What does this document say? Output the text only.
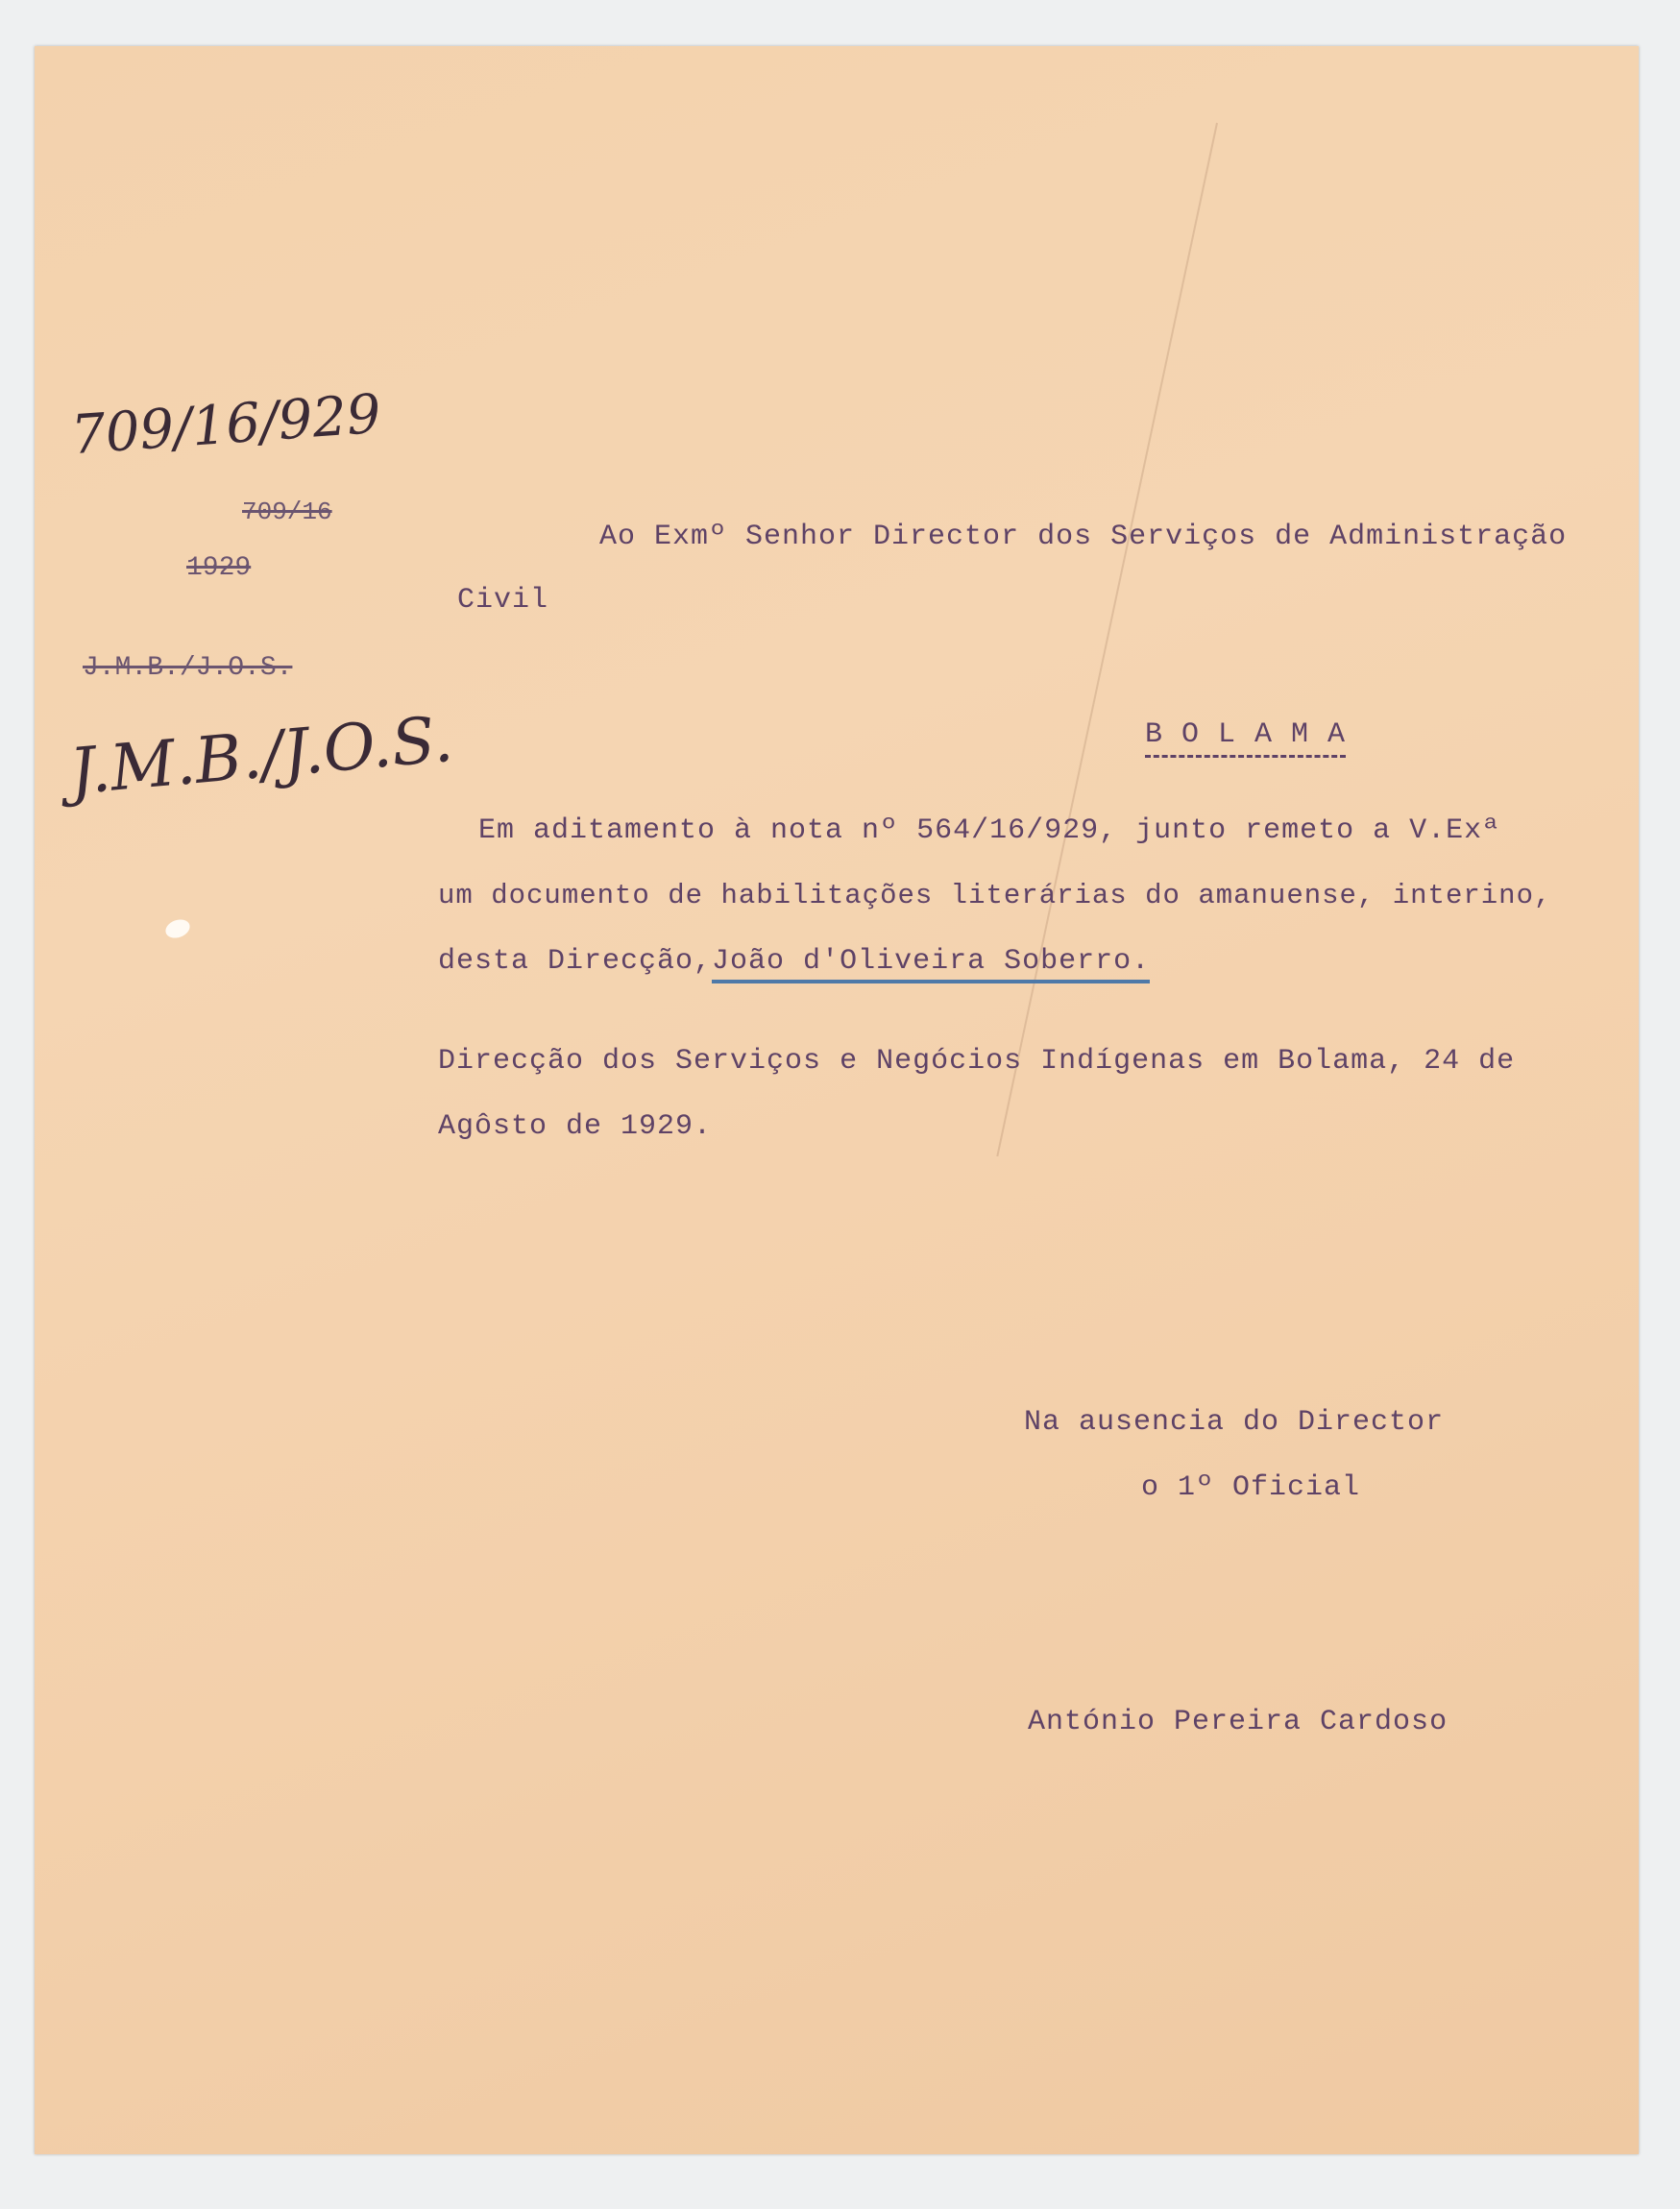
709/16/929
709/16
1929
J.M.B./J.O.S.
J.M.B./J.O.S.

Ao Exmº Senhor Director dos Serviços de Administração

Civil

B O L A M A

Em aditamento à nota nº 564/16/929, junto remeto a V.Exª

um documento de habilitações literárias do amanuense, interino,

desta Direcção,João d'Oliveira Soberro.

Direcção dos Serviços e Negócios Indígenas em Bolama, 24 de

Agôsto de 1929.

Na ausencia do Director

o 1º Oficial

António Pereira Cardoso
